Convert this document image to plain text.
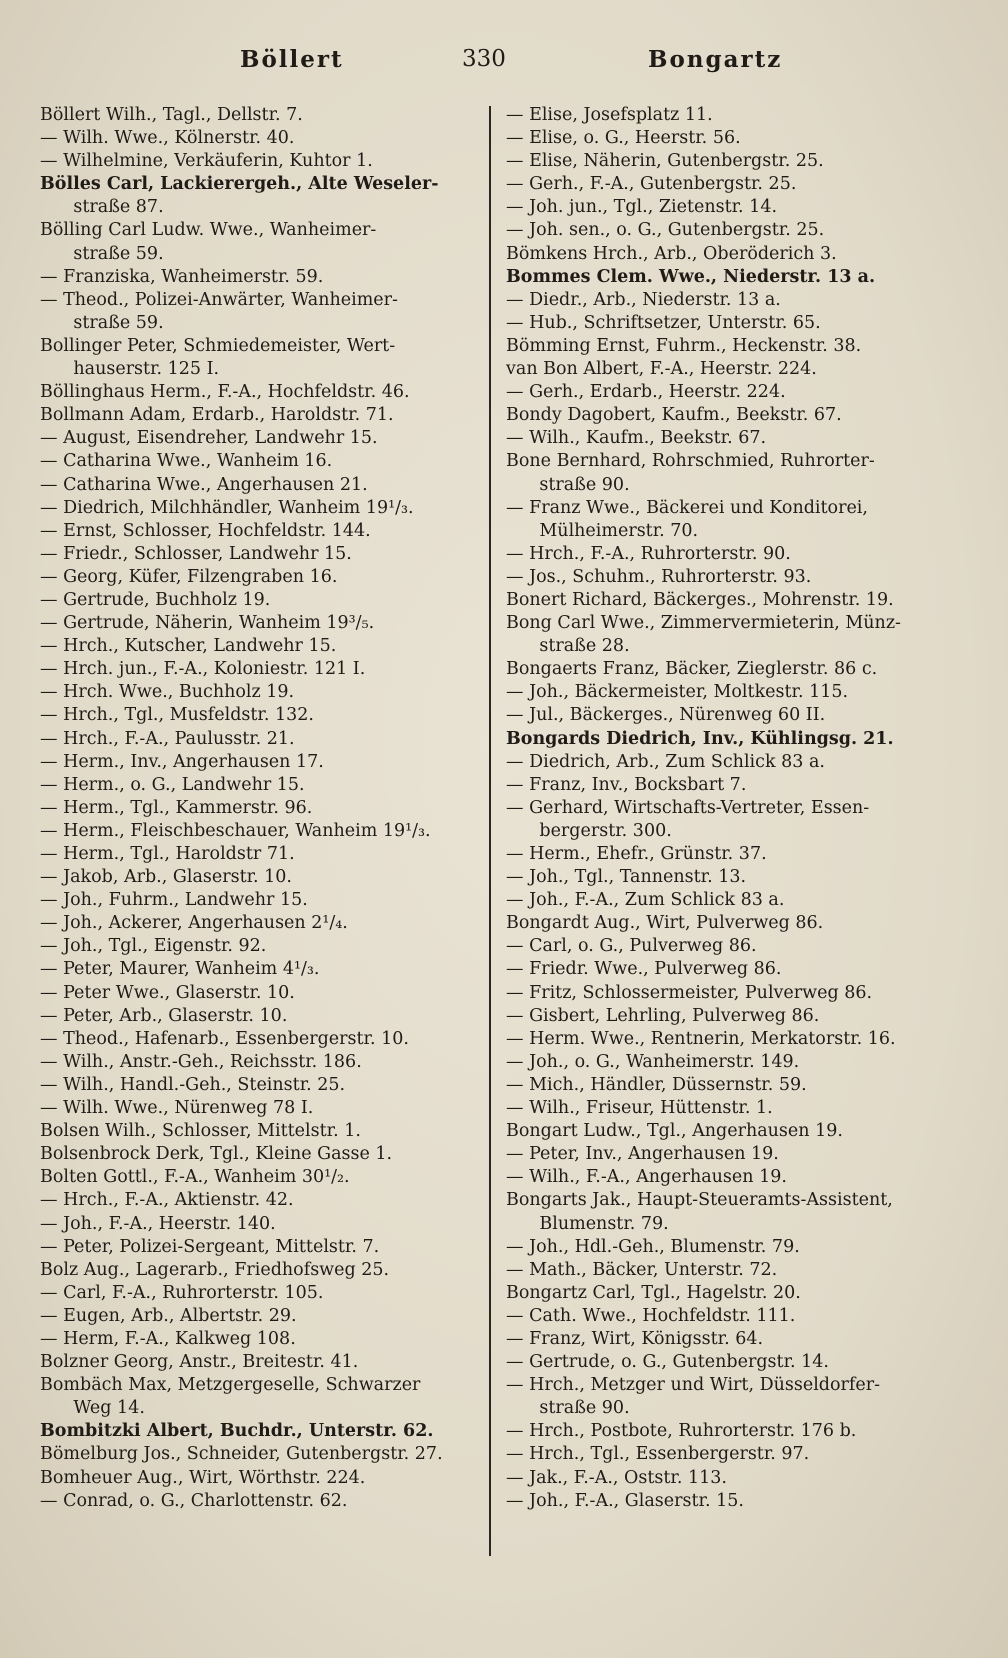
Böllert	330	Bongartz
Böllert Wilh., Tagl., Dellstr. 7.
— Wilh. Wwe., Kölnerstr. 40.
— Wilhelmine, Verkäuferin, Kuhtor 1.
Bölles Carl, Lackierergeh., Alte Weseler-
straße 87.
Bölling Carl Ludw. Wwe., Wanheimer-
straße 59.
— Franziska, Wanheimerstr. 59.
— Theod., Polizei-Anwärter, Wanheimer-
straße 59.
Bollinger Peter, Schmiedemeister, Wert-
hauserstr. 125 I.
Böllinghaus Herm., F.-A., Hochfeldstr. 46.
Bollmann Adam, Erdarb., Haroldstr. 71.
— August, Eisendreher, Landwehr 15.
— Catharina Wwe., Wanheim 16.
— Catharina Wwe., Angerhausen 21.
— Diedrich, Milchhändler, Wanheim 19¹/₃.
— Ernst, Schlosser, Hochfeldstr. 144.
— Friedr., Schlosser, Landwehr 15.
— Georg, Küfer, Filzengraben 16.
— Gertrude, Buchholz 19.
— Gertrude, Näherin, Wanheim 19³/₅.
— Hrch., Kutscher, Landwehr 15.
— Hrch. jun., F.-A., Koloniestr. 121 I.
— Hrch. Wwe., Buchholz 19.
— Hrch., Tgl., Musfeldstr. 132.
— Hrch., F.-A., Paulusstr. 21.
— Herm., Inv., Angerhausen 17.
— Herm., o. G., Landwehr 15.
— Herm., Tgl., Kammerstr. 96.
— Herm., Fleischbeschauer, Wanheim 19¹/₃.
— Herm., Tgl., Haroldstr 71.
— Jakob, Arb., Glaserstr. 10.
— Joh., Fuhrm., Landwehr 15.
— Joh., Ackerer, Angerhausen 2¹/₄.
— Joh., Tgl., Eigenstr. 92.
— Peter, Maurer, Wanheim 4¹/₃.
— Peter Wwe., Glaserstr. 10.
— Peter, Arb., Glaserstr. 10.
— Theod., Hafenarb., Essenbergerstr. 10.
— Wilh., Anstr.-Geh., Reichsstr. 186.
— Wilh., Handl.-Geh., Steinstr. 25.
— Wilh. Wwe., Nürenweg 78 I.
Bolsen Wilh., Schlosser, Mittelstr. 1.
Bolsenbrock Derk, Tgl., Kleine Gasse 1.
Bolten Gottl., F.-A., Wanheim 30¹/₂.
— Hrch., F.-A., Aktienstr. 42.
— Joh., F.-A., Heerstr. 140.
— Peter, Polizei-Sergeant, Mittelstr. 7.
Bolz Aug., Lagerarb., Friedhofsweg 25.
— Carl, F.-A., Ruhrorterstr. 105.
— Eugen, Arb., Albertstr. 29.
— Herm, F.-A., Kalkweg 108.
Bolzner Georg, Anstr., Breitestr. 41.
Bombäch Max, Metzgergeselle, Schwarzer
Weg 14.
Bombitzki Albert, Buchdr., Unterstr. 62.
Bömelburg Jos., Schneider, Gutenbergstr. 27.
Bomheuer Aug., Wirt, Wörthstr. 224.
— Conrad, o. G., Charlottenstr. 62.
— Elise, Josefsplatz 11.
— Elise, o. G., Heerstr. 56.
— Elise, Näherin, Gutenbergstr. 25.
— Gerh., F.-A., Gutenbergstr. 25.
— Joh. jun., Tgl., Zietenstr. 14.
— Joh. sen., o. G., Gutenbergstr. 25.
Bömkens Hrch., Arb., Oberöderich 3.
Bommes Clem. Wwe., Niederstr. 13 a.
— Diedr., Arb., Niederstr. 13 a.
— Hub., Schriftsetzer, Unterstr. 65.
Bömming Ernst, Fuhrm., Heckenstr. 38.
van Bon Albert, F.-A., Heerstr. 224.
— Gerh., Erdarb., Heerstr. 224.
Bondy Dagobert, Kaufm., Beekstr. 67.
— Wilh., Kaufm., Beekstr. 67.
Bone Bernhard, Rohrschmied, Ruhrorter-
straße 90.
— Franz Wwe., Bäckerei und Konditorei,
Mülheimerstr. 70.
— Hrch., F.-A., Ruhrorterstr. 90.
— Jos., Schuhm., Ruhrorterstr. 93.
Bonert Richard, Bäckerges., Mohrenstr. 19.
Bong Carl Wwe., Zimmervermieterin, Münz-
straße 28.
Bongaerts Franz, Bäcker, Zieglerstr. 86 c.
— Joh., Bäckermeister, Moltkestr. 115.
— Jul., Bäckerges., Nürenweg 60 II.
Bongards Diedrich, Inv., Kühlingsg. 21.
— Diedrich, Arb., Zum Schlick 83 a.
— Franz, Inv., Bocksbart 7.
— Gerhard, Wirtschafts-Vertreter, Essen-
bergerstr. 300.
— Herm., Ehefr., Grünstr. 37.
— Joh., Tgl., Tannenstr. 13.
— Joh., F.-A., Zum Schlick 83 a.
Bongardt Aug., Wirt, Pulverweg 86.
— Carl, o. G., Pulverweg 86.
— Friedr. Wwe., Pulverweg 86.
— Fritz, Schlossermeister, Pulverweg 86.
— Gisbert, Lehrling, Pulverweg 86.
— Herm. Wwe., Rentnerin, Merkatorstr. 16.
— Joh., o. G., Wanheimerstr. 149.
— Mich., Händler, Düssernstr. 59.
— Wilh., Friseur, Hüttenstr. 1.
Bongart Ludw., Tgl., Angerhausen 19.
— Peter, Inv., Angerhausen 19.
— Wilh., F.-A., Angerhausen 19.
Bongarts Jak., Haupt-Steueramts-Assistent,
Blumenstr. 79.
— Joh., Hdl.-Geh., Blumenstr. 79.
— Math., Bäcker, Unterstr. 72.
Bongartz Carl, Tgl., Hagelstr. 20.
— Cath. Wwe., Hochfeldstr. 111.
— Franz, Wirt, Königsstr. 64.
— Gertrude, o. G., Gutenbergstr. 14.
— Hrch., Metzger und Wirt, Düsseldorfer-
straße 90.
— Hrch., Postbote, Ruhrorterstr. 176 b.
— Hrch., Tgl., Essenbergerstr. 97.
— Jak., F.-A., Oststr. 113.
— Joh., F.-A., Glaserstr. 15.
